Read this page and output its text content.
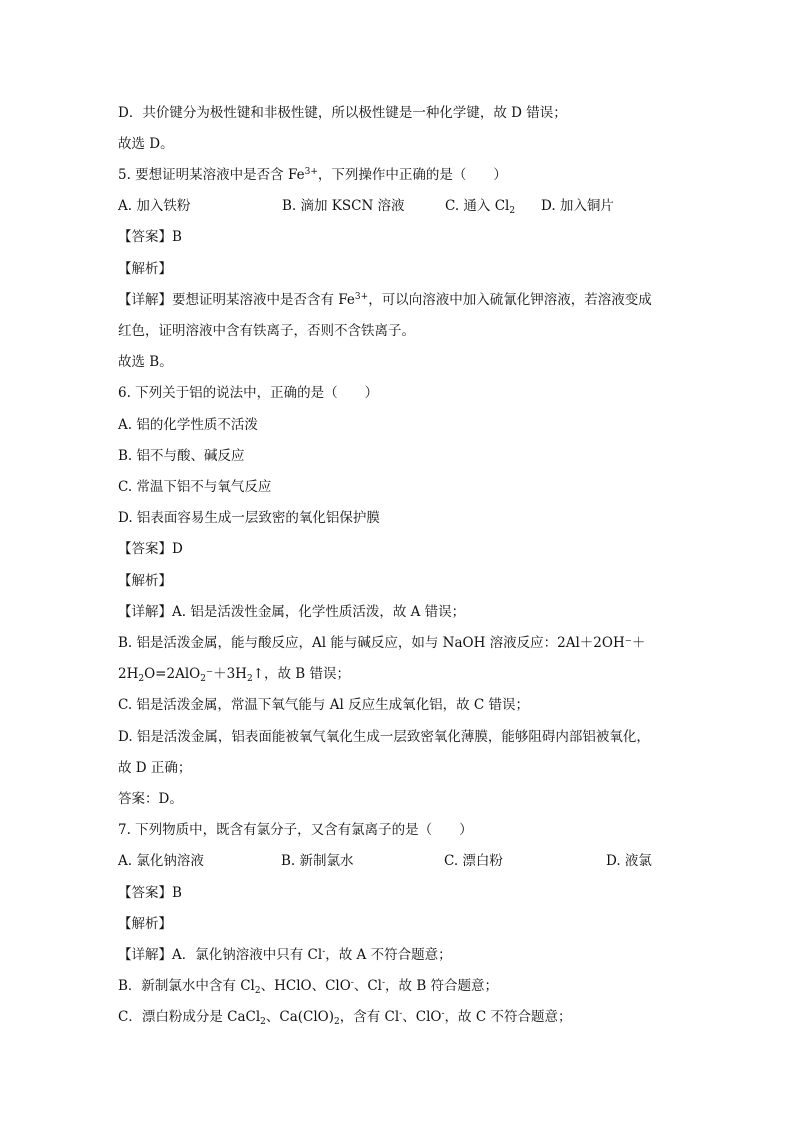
D．共价键分为极性键和非极性键，所以极性键是一种化学键，故 D 错误；
故选 D。
5. 要想证明某溶液中是否含 $Fe^{3+}$，下列操作中正确的是（　　）
A. 加入铁粉	B. 滴加 KSCN 溶液	C. 通入 $Cl_2$ D. 加入铜片
【答案】B
【解析】
【详解】要想证明某溶液中是否含有 $Fe^{3+}$，可以向溶液中加入硫氰化钾溶液，若溶液变成
红色，证明溶液中含有铁离子，否则不含铁离子。
故选 B。
6. 下列关于铝的说法中，正确的是（　　）
A. 铝的化学性质不活泼
B. 铝不与酸、碱反应
C. 常温下铝不与氧气反应
D. 铝表面容易生成一层致密的氧化铝保护膜
【答案】D
【解析】
【详解】A. 铝是活泼性金属，化学性质活泼，故 A 错误；
B. 铝是活泼金属，能与酸反应，Al 能与碱反应，如与 NaOH 溶液反应：2Al＋2OH⁻＋
$2H_2O=2AlO_2^-+3H_2↑$，故 B 错误；
C. 铝是活泼金属，常温下氧气能与 Al 反应生成氧化铝，故 C 错误；
D. 铝是活泼金属，铝表面能被氧气氧化生成一层致密氧化薄膜，能够阻碍内部铝被氧化，
故 D 正确；
答案：D。
7. 下列物质中，既含有氯分子，又含有氯离子的是（　　）
A. 氯化钠溶液	B. 新制氯水	C. 漂白粉	D. 液氯
【答案】B
【解析】
【详解】A．氯化钠溶液中只有 Cl-，故 A 不符合题意；
B．新制氯水中含有 $Cl_2$、HClO、ClO-、Cl-，故 B 符合题意；
C．漂白粉成分是 CaCl$_2$、$Ca(ClO)_2$，含有 Cl-、ClO-，故 C 不符合题意；
